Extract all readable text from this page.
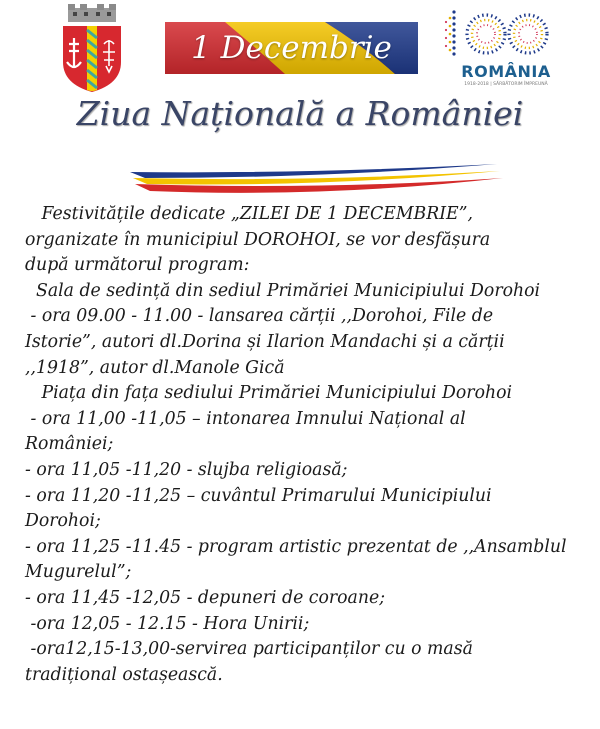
1 Decembrie
ROMÂNIA
1918-2018 | SĂRBĂTORIM ÎMPREUNĂ
Ziua Națională a României

Festivitățile dedicate „ZILEI DE 1 DECEMBRIE”,

organizate în municipiul DOROHOI, se vor desfășura

după următorul program:

Sala de sedință din sediul Primăriei Municipiului Dorohoi

- ora 09.00 - 11.00 - lansarea cărții ,,Dorohoi, File de

Istorie”, autori dl.Dorina și Ilarion Mandachi și a cărții

,,1918”, autor dl.Manole Gică

Piața din fața sediului Primăriei Municipiului Dorohoi

- ora 11,00 -11,05 – intonarea Imnului Național al

României;

- ora 11,05 -11,20 - slujba religioasă;

- ora 11,20 -11,25 – cuvântul Primarului Municipiului

Dorohoi;

- ora 11,25 -11.45 - program artistic prezentat de ,,Ansamblul

Mugurelul”;

- ora 11,45 -12,05 - depuneri de coroane;

-ora 12,05 - 12.15 - Hora Unirii;

-ora12,15-13,00-servirea participanților cu o masă

tradițional ostașească.
